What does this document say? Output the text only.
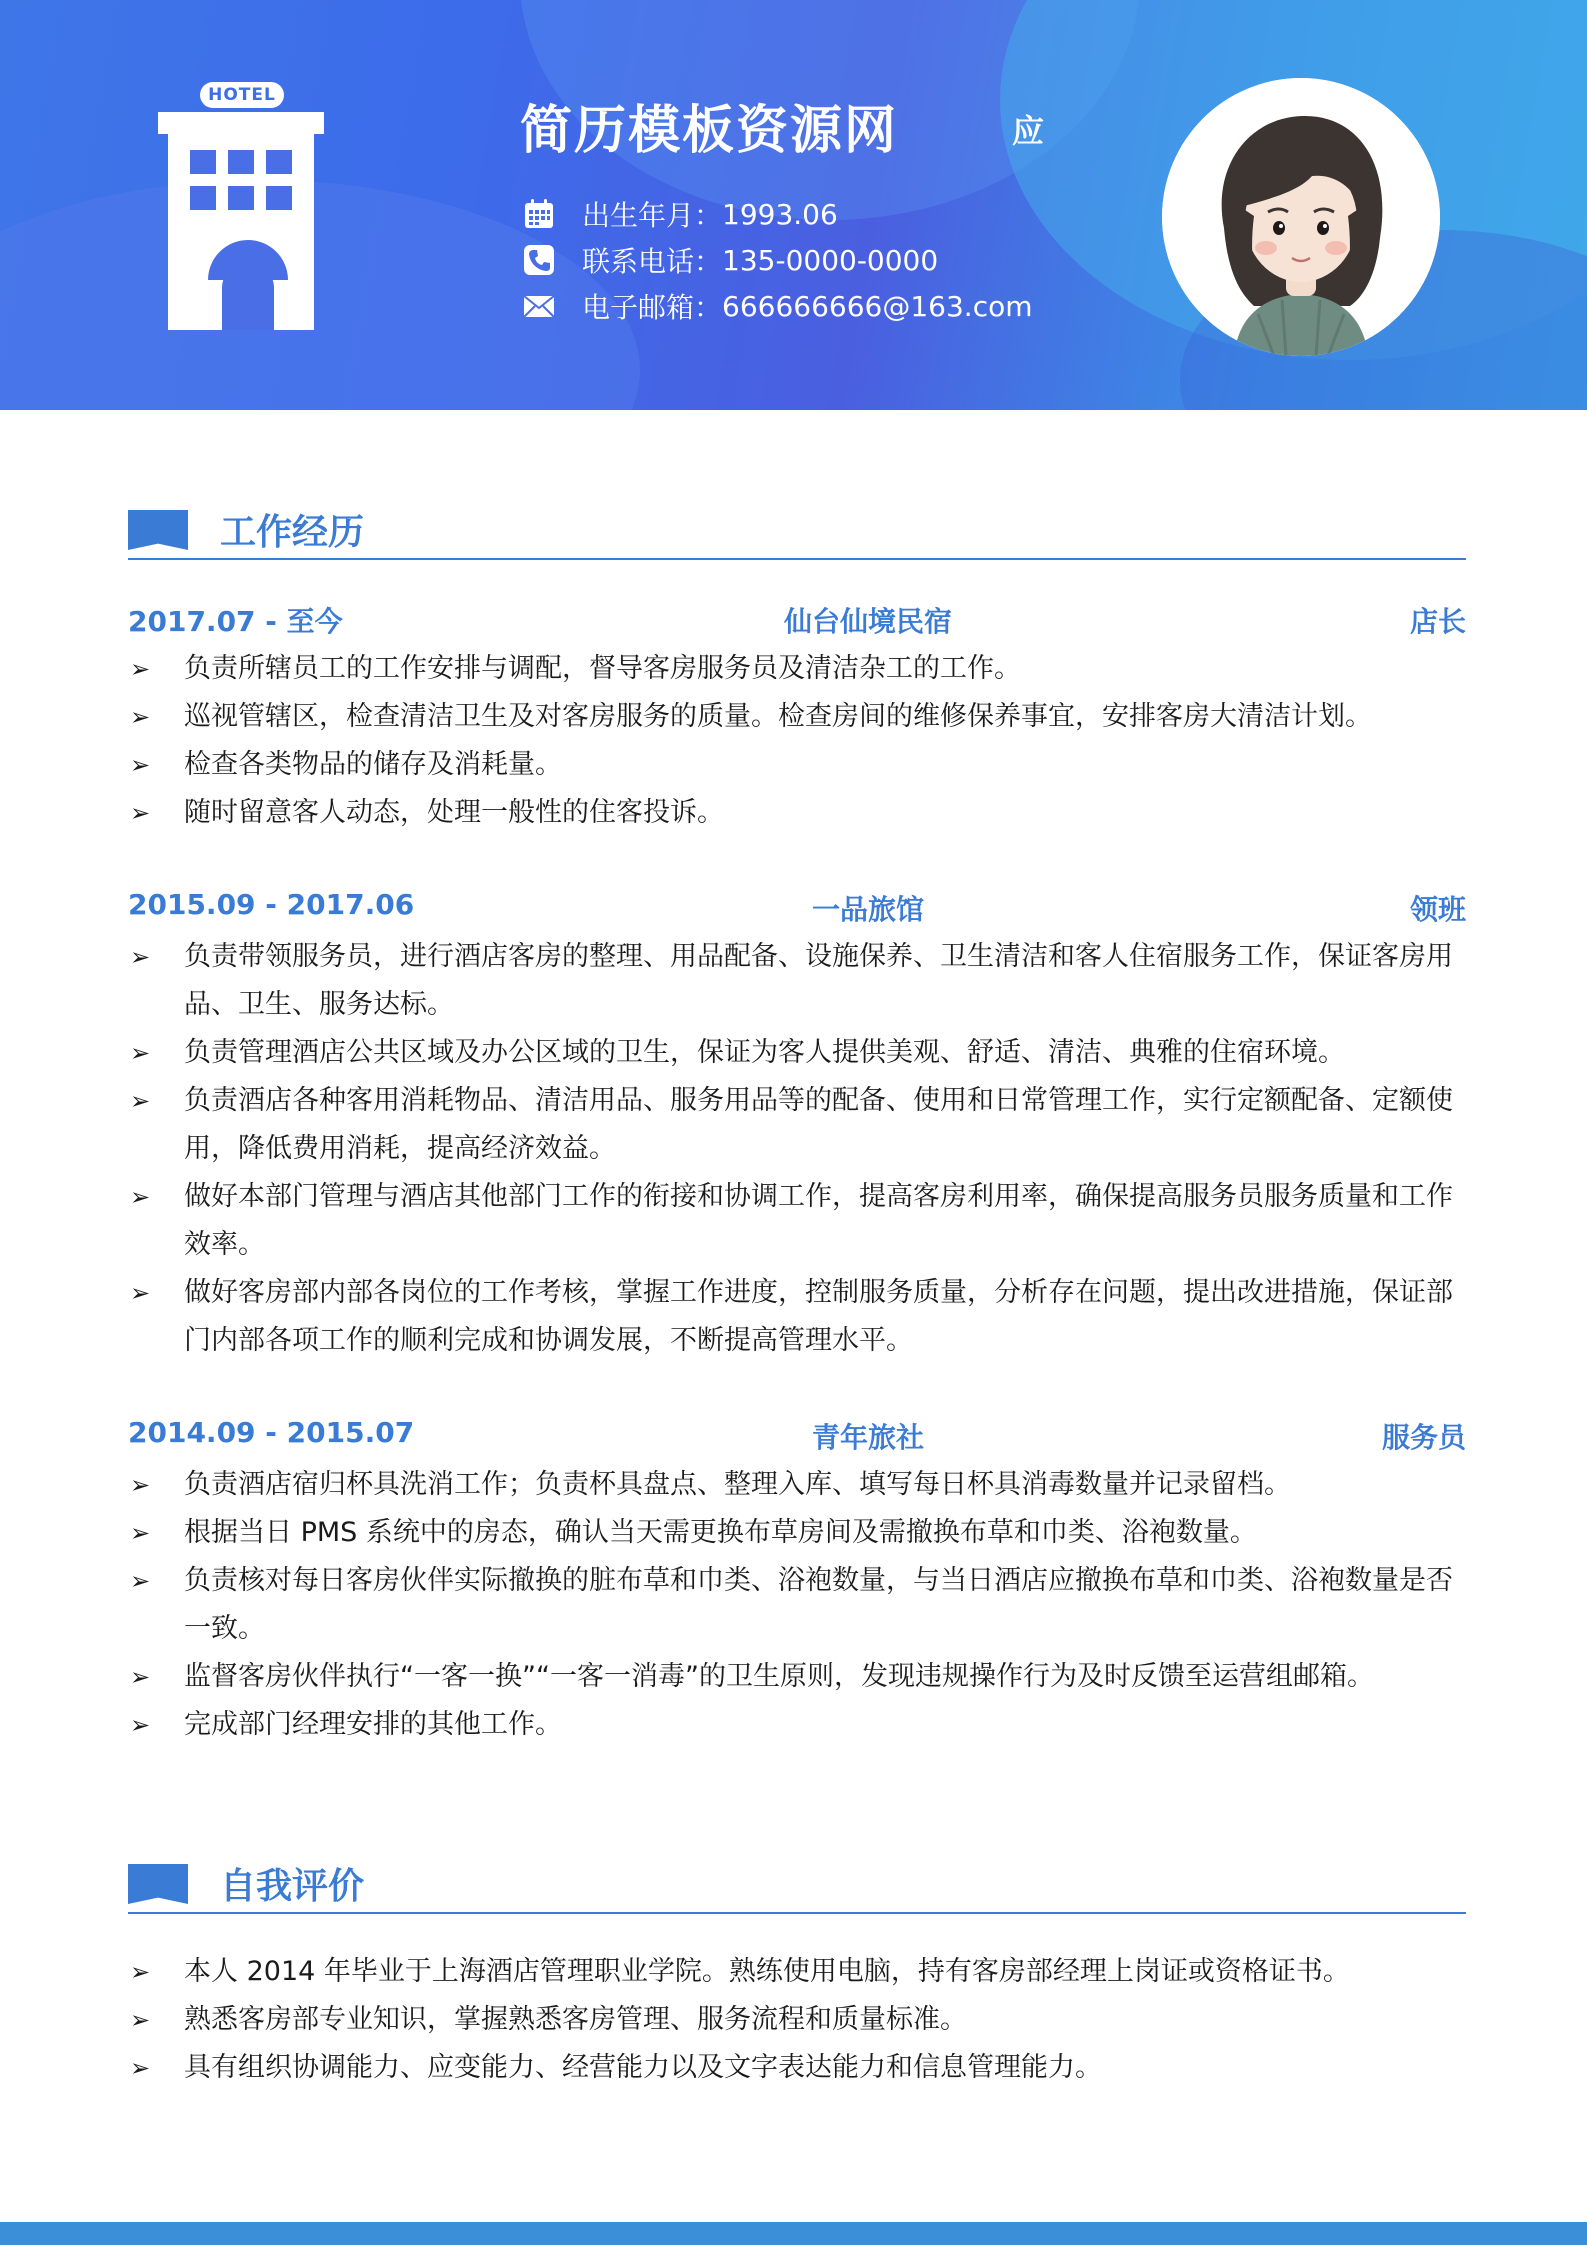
HOTEL
简历模板资源网	应
出生年月： 1993.06
联系电话： 135-0000-0000
电子邮箱： 666666666@163.com
工作经历
2017.07 - 至今	仙台仙境民宿	店长
➢ 负责所辖员工的工作安排与调配，督导客房服务员及清洁杂工的工作。
➢ 巡视管辖区，检查清洁卫生及对客房服务的质量。检查房间的维修保养事宜，安排客房大清洁计划。
➢ 检查各类物品的储存及消耗量。
➢ 随时留意客人动态，处理一般性的住客投诉。
2015.09 - 2017.06	一品旅馆	领班
➢ 负责带领服务员，进行酒店客房的整理、用品配备、设施保养、卫生清洁和客人住宿服务工作，保证客房用品、卫生、服务达标。
➢ 负责管理酒店公共区域及办公区域的卫生，保证为客人提供美观、舒适、清洁、典雅的住宿环境。
➢ 负责酒店各种客用消耗物品、清洁用品、服务用品等的配备、使用和日常管理工作，实行定额配备、定额使用，降低费用消耗，提高经济效益。
➢ 做好本部门管理与酒店其他部门工作的衔接和协调工作，提高客房利用率，确保提高服务员服务质量和工作效率。
➢ 做好客房部内部各岗位的工作考核，掌握工作进度，控制服务质量，分析存在问题，提出改进措施，保证部门内部各项工作的顺利完成和协调发展，不断提高管理水平。
2014.09 - 2015.07	青年旅社	服务员
➢ 负责酒店宿归杯具洗消工作；负责杯具盘点、整理入库、填写每日杯具消毒数量并记录留档。
➢ 根据当日 PMS 系统中的房态，确认当天需更换布草房间及需撤换布草和巾类、浴袍数量。
➢ 负责核对每日客房伙伴实际撤换的脏布草和巾类、浴袍数量，与当日酒店应撤换布草和巾类、浴袍数量是否一致。
➢ 监督客房伙伴执行“一客一换”“一客一消毒”的卫生原则，发现违规操作行为及时反馈至运营组邮箱。
➢ 完成部门经理安排的其他工作。
自我评价
➢ 本人 2014 年毕业于上海酒店管理职业学院。熟练使用电脑，持有客房部经理上岗证或资格证书。
➢ 熟悉客房部专业知识，掌握熟悉客房管理、服务流程和质量标准。
➢ 具有组织协调能力、应变能力、经营能力以及文字表达能力和信息管理能力。
